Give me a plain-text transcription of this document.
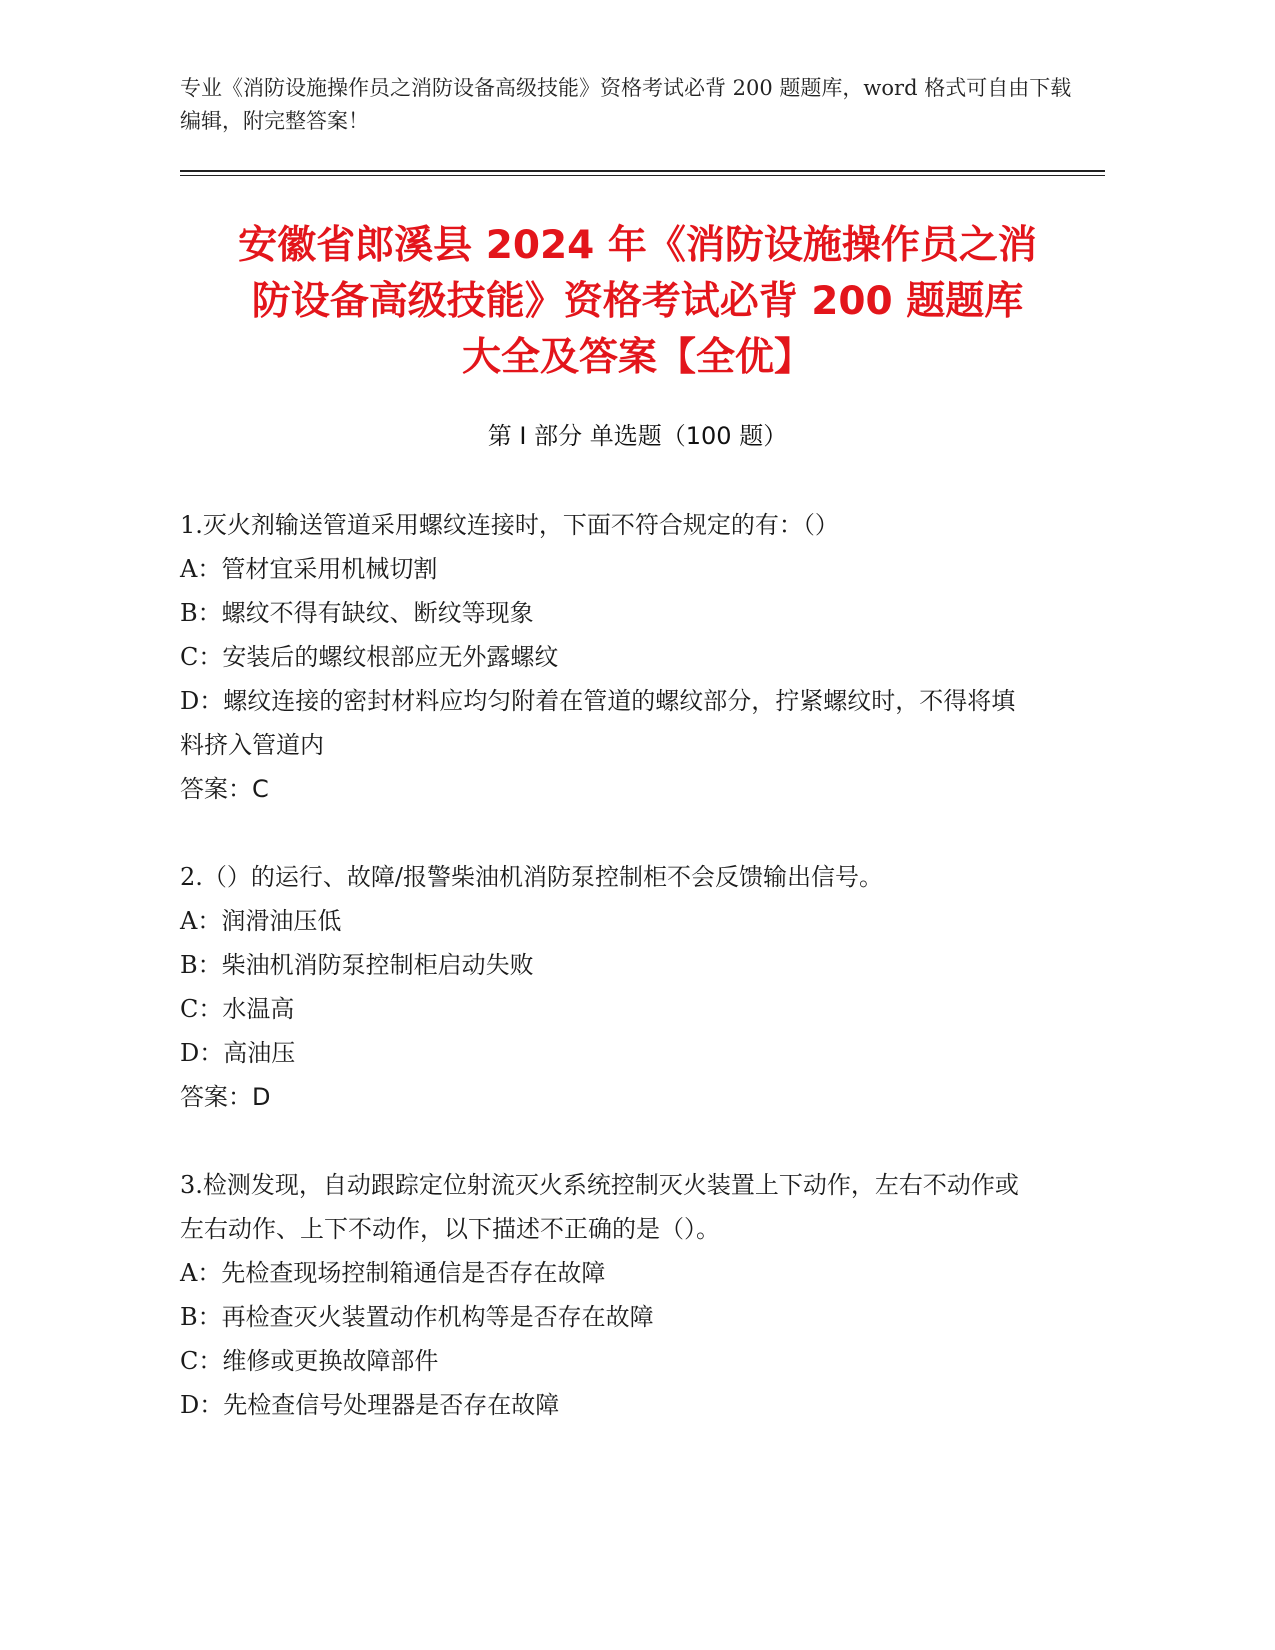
专业《消防设施操作员之消防设备高级技能》资格考试必背 200 题题库，word 格式可自由下载编辑，附完整答案！
安徽省郎溪县 2024 年《消防设施操作员之消
防设备高级技能》资格考试必背 200 题题库
大全及答案【全优】
第 I 部分 单选题（100 题）
1.灭火剂输送管道采用螺纹连接时，下面不符合规定的有：（）
A：管材宜采用机械切割
B：螺纹不得有缺纹、断纹等现象
C：安装后的螺纹根部应无外露螺纹
D：螺纹连接的密封材料应均匀附着在管道的螺纹部分，拧紧螺纹时，不得将填料挤入管道内
答案：C
2.（）的运行、故障/报警柴油机消防泵控制柜不会反馈输出信号。
A：润滑油压低
B：柴油机消防泵控制柜启动失败
C：水温高
D：高油压
答案：D
3.检测发现，自动跟踪定位射流灭火系统控制灭火装置上下动作，左右不动作或左右动作、上下不动作，以下描述不正确的是（）。
A：先检查现场控制箱通信是否存在故障
B：再检查灭火装置动作机构等是否存在故障
C：维修或更换故障部件
D：先检查信号处理器是否存在故障
